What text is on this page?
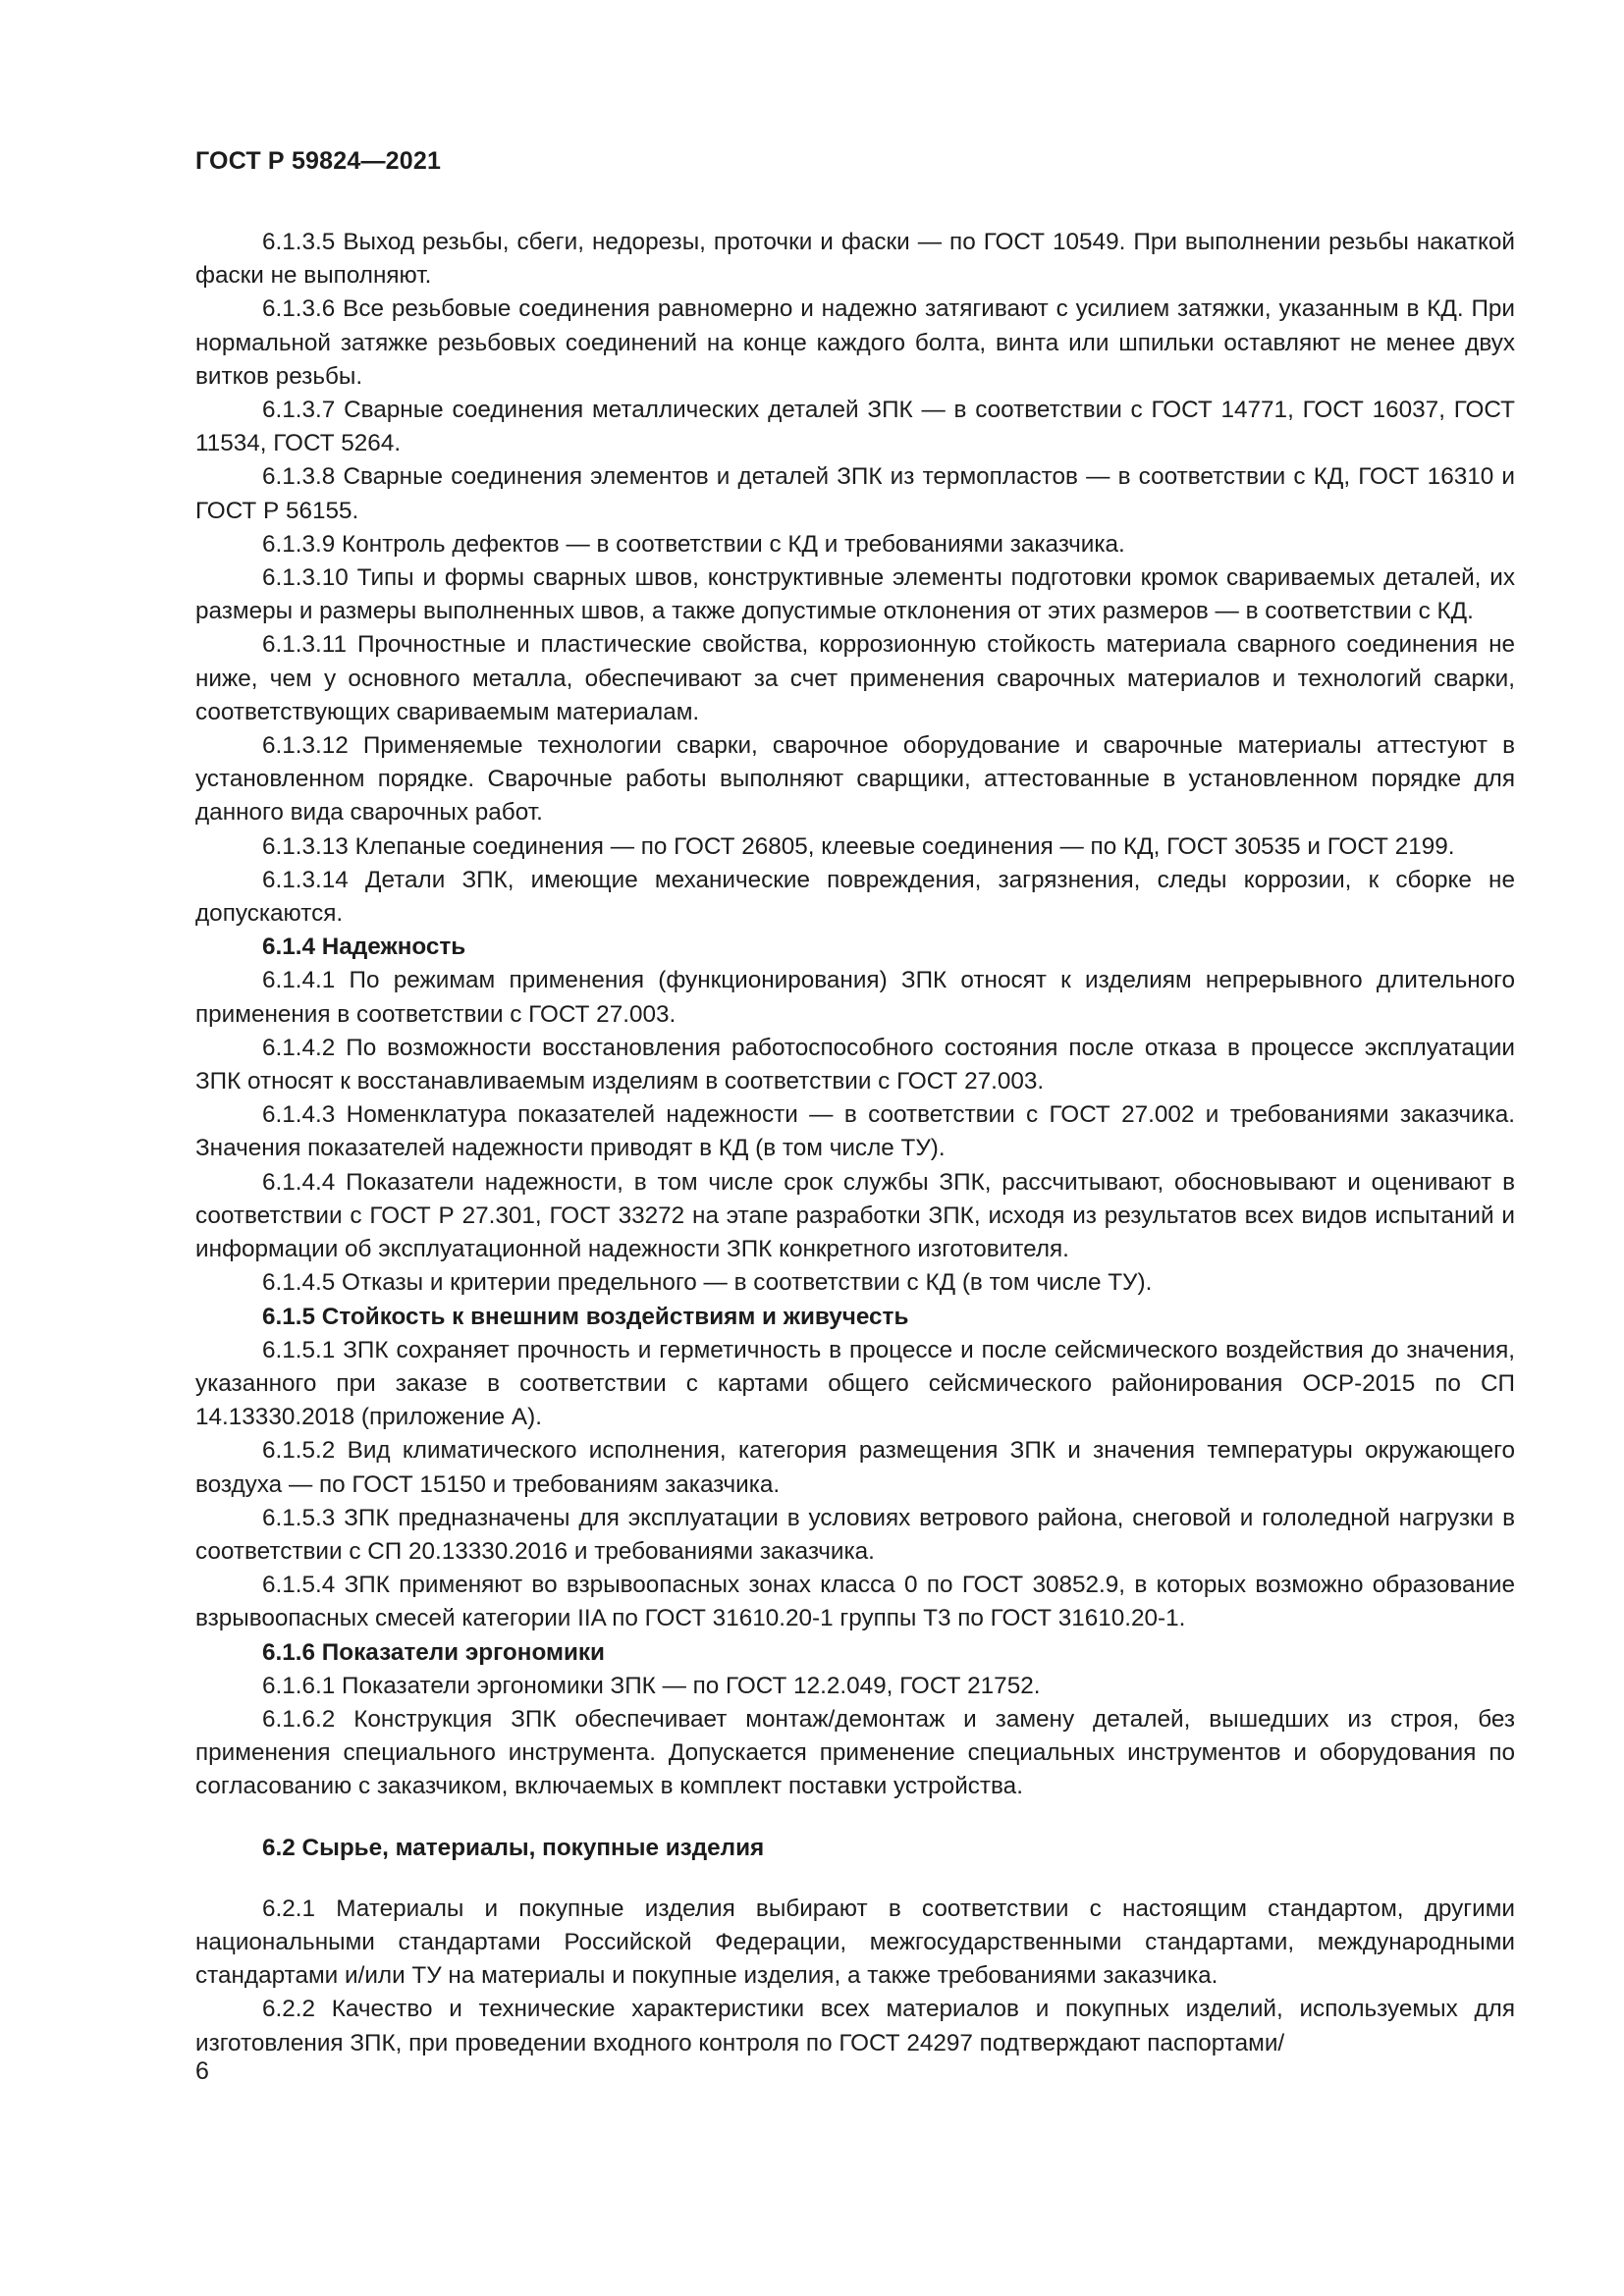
ГОСТ Р 59824—2021

6.1.3.5 Выход резьбы, сбеги, недорезы, проточки и фаски — по ГОСТ 10549. При выполнении резьбы накаткой фаски не выполняют.

6.1.3.6 Все резьбовые соединения равномерно и надежно затягивают с усилием затяжки, указанным в КД. При нормальной затяжке резьбовых соединений на конце каждого болта, винта или шпильки оставляют не менее двух витков резьбы.

6.1.3.7 Сварные соединения металлических деталей ЗПК — в соответствии с ГОСТ 14771, ГОСТ 16037, ГОСТ 11534, ГОСТ 5264.

6.1.3.8 Сварные соединения элементов и деталей ЗПК из термопластов — в соответствии с КД, ГОСТ 16310 и ГОСТ Р 56155.

6.1.3.9 Контроль дефектов — в соответствии с КД и требованиями заказчика.

6.1.3.10 Типы и формы сварных швов, конструктивные элементы подготовки кромок свариваемых деталей, их размеры и размеры выполненных швов, а также допустимые отклонения от этих размеров — в соответствии с КД.

6.1.3.11 Прочностные и пластические свойства, коррозионную стойкость материала сварного соединения не ниже, чем у основного металла, обеспечивают за счет применения сварочных материалов и технологий сварки, соответствующих свариваемым материалам.

6.1.3.12 Применяемые технологии сварки, сварочное оборудование и сварочные материалы аттестуют в установленном порядке. Сварочные работы выполняют сварщики, аттестованные в установленном порядке для данного вида сварочных работ.

6.1.3.13 Клепаные соединения — по ГОСТ 26805, клеевые соединения — по КД, ГОСТ 30535 и ГОСТ 2199.

6.1.3.14 Детали ЗПК, имеющие механические повреждения, загрязнения, следы коррозии, к сборке не допускаются.

6.1.4 Надежность

6.1.4.1 По режимам применения (функционирования) ЗПК относят к изделиям непрерывного длительного применения в соответствии с ГОСТ 27.003.

6.1.4.2 По возможности восстановления работоспособного состояния после отказа в процессе эксплуатации ЗПК относят к восстанавливаемым изделиям в соответствии с ГОСТ 27.003.

6.1.4.3 Номенклатура показателей надежности — в соответствии с ГОСТ 27.002 и требованиями заказчика. Значения показателей надежности приводят в КД (в том числе ТУ).

6.1.4.4 Показатели надежности, в том числе срок службы ЗПК, рассчитывают, обосновывают и оценивают в соответствии с ГОСТ Р 27.301, ГОСТ 33272 на этапе разработки ЗПК, исходя из результатов всех видов испытаний и информации об эксплуатационной надежности ЗПК конкретного изготовителя.

6.1.4.5 Отказы и критерии предельного — в соответствии с КД (в том числе ТУ).

6.1.5 Стойкость к внешним воздействиям и живучесть

6.1.5.1 ЗПК сохраняет прочность и герметичность в процессе и после сейсмического воздействия до значения, указанного при заказе в соответствии с картами общего сейсмического районирования ОСР-2015 по СП 14.13330.2018 (приложение А).

6.1.5.2 Вид климатического исполнения, категория размещения ЗПК и значения температуры окружающего воздуха — по ГОСТ 15150 и требованиям заказчика.

6.1.5.3 ЗПК предназначены для эксплуатации в условиях ветрового района, снеговой и гололедной нагрузки в соответствии с СП 20.13330.2016 и требованиями заказчика.

6.1.5.4 ЗПК применяют во взрывоопасных зонах класса 0 по ГОСТ 30852.9, в которых возможно образование взрывоопасных смесей категории IIA по ГОСТ 31610.20-1 группы Т3 по ГОСТ 31610.20-1.

6.1.6 Показатели эргономики

6.1.6.1 Показатели эргономики ЗПК — по ГОСТ 12.2.049, ГОСТ 21752.

6.1.6.2 Конструкция ЗПК обеспечивает монтаж/демонтаж и замену деталей, вышедших из строя, без применения специального инструмента. Допускается применение специальных инструментов и оборудования по согласованию с заказчиком, включаемых в комплект поставки устройства.

6.2 Сырье, материалы, покупные изделия

6.2.1 Материалы и покупные изделия выбирают в соответствии с настоящим стандартом, другими национальными стандартами Российской Федерации, межгосударственными стандартами, международными стандартами и/или ТУ на материалы и покупные изделия, а также требованиями заказчика.

6.2.2 Качество и технические характеристики всех материалов и покупных изделий, используемых для изготовления ЗПК, при проведении входного контроля по ГОСТ 24297 подтверждают паспортами/

6
